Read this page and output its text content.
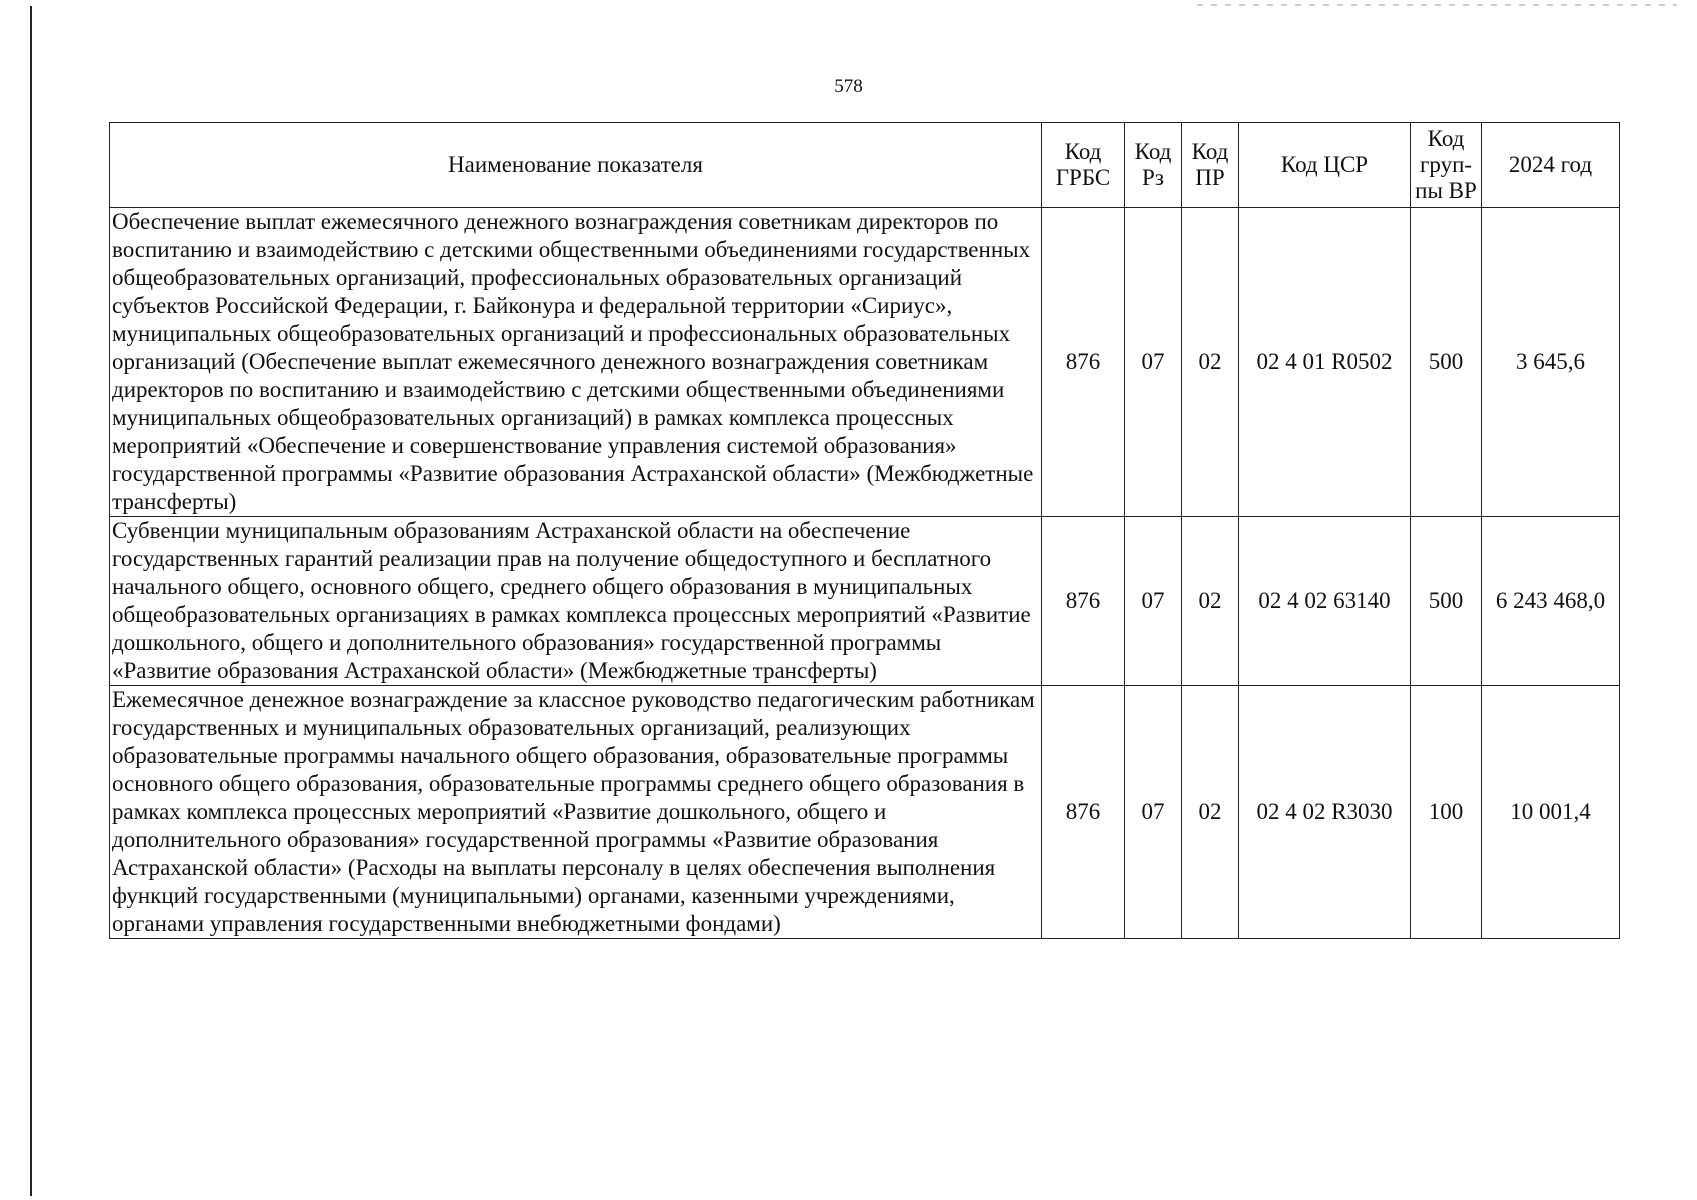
578
Наименование показателя	Код ГРБС	Код Рз	Код ПР	Код ЦСР	Код груп-пы ВР	2024 год
Обеспечение выплат ежемесячного денежного вознаграждения советникам директоров по воспитанию и взаимодействию с детскими общественными объединениями государственных общеобразовательных организаций, профессиональных образовательных организаций субъектов Российской Федерации, г. Байконура и федеральной территории «Сириус», муниципальных общеобразовательных организаций и профессиональных образовательных организаций (Обеспечение выплат ежемесячного денежного вознаграждения советникам директоров по воспитанию и взаимодействию с детскими общественными объединениями муниципальных общеобразовательных организаций) в рамках комплекса процессных мероприятий «Обеспечение и совершенствование управления системой образования» государственной программы «Развитие образования Астраханской области» (Межбюджетные трансферты)	876	07	02	02 4 01 R0502	500	3 645,6
Субвенции муниципальным образованиям Астраханской области на обеспечение государственных гарантий реализации прав на получение общедоступного и бесплатного начального общего, основного общего, среднего общего образования в муниципальных общеобразовательных организациях в рамках комплекса процессных мероприятий «Развитие дошкольного, общего и дополнительного образования» государственной программы «Развитие образования Астраханской области» (Межбюджетные трансферты)	876	07	02	02 4 02 63140	500	6 243 468,0
Ежемесячное денежное вознаграждение за классное руководство педагогическим работникам государственных и муниципальных образовательных организаций, реализующих образовательные программы начального общего образования, образовательные программы основного общего образования, образовательные программы среднего общего образования в рамках комплекса процессных мероприятий «Развитие дошкольного, общего и дополнительного образования» государственной программы «Развитие образования Астраханской области» (Расходы на выплаты персоналу в целях обеспечения выполнения функций государственными (муниципальными) органами, казенными учреждениями, органами управления государственными внебюджетными фондами)	876	07	02	02 4 02 R3030	100	10 001,4
